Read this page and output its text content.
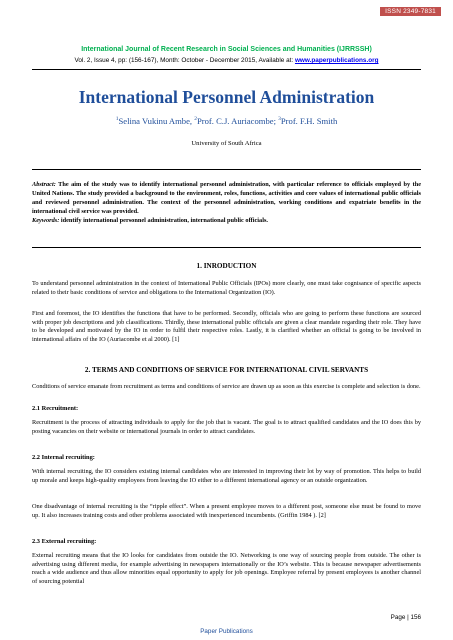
ISSN 2349-7831
International Journal of Recent Research in Social Sciences and Humanities (IJRRSSH)
Vol. 2, Issue 4, pp: (156-167), Month: October - December 2015, Available at: www.paperpublications.org
International Personnel Administration
$^1$Selina Vukinu Ambe, $^2$Prof. C.J. Auriacombe; $^3$Prof. F.H. Smith
University of South Africa
Abstract: The aim of the study was to identify international personnel administration, with particular reference to officials employed by the United Nations. The study provided a background to the environment, roles, functions, activities and core values of international public officials and reviewed personnel administration. The context of the personnel administration, working conditions and expatriate benefits in the international civil service was provided.
Keywords: identify international personnel administration, international public officials.
1. INRODUCTION
To understand personnel administration in the context of International Public Officials (IPOs) more clearly, one must take cognisance of specific aspects related to their basic conditions of service and obligations to the International Organization (IO).
First and foremost, the IO identifies the functions that have to be performed. Secondly, officials who are going to perform these functions are sourced with proper job descriptions and job classifications. Thirdly, these international public officials are given a clear mandate regarding their role. They have to be developed and motivated by the IO in order to fulfil their respective roles. Lastly, it is clarified whether an official is going to be involved in international affairs of the IO (Auriacombe et al 2000). [1]
2. TERMS AND CONDITIONS OF SERVICE FOR INTERNATIONAL CIVIL SERVANTS
Conditions of service emanate from recruitment as terms and conditions of service are drawn up as soon as this exercise is complete and selection is done.
2.1 Recruitment:
Recruitment is the process of attracting individuals to apply for the job that is vacant. The goal is to attract qualified candidates and the IO does this by posting vacancies on their website or international journals in order to attract candidates.
2.2 Internal recruiting:
With internal recruiting, the IO considers existing internal candidates who are interested in improving their lot by way of promotion. This helps to build up morale and keeps high-quality employees from leaving the IO either to a different international agency or an outside organization.
One disadvantage of internal recruiting is the “ripple effect”. When a present employee moves to a different post, someone else must be found to move up. It also increases training costs and other problems associated with inexperienced incumbents. (Griffin 1984 ). [2]
2.3 External recruiting:
External recruiting means that the IO looks for candidates from outside the IO. Networking is one way of sourcing people from outside. The other is advertising using different media, for example advertising in newspapers internationally or the IO’s website. This is because newspaper advertisements reach a wide audience and thus allow minorities equal opportunity to apply for job openings. Employee referral by present employees is another channel of sourcing potential
Page | 156
Paper Publications
